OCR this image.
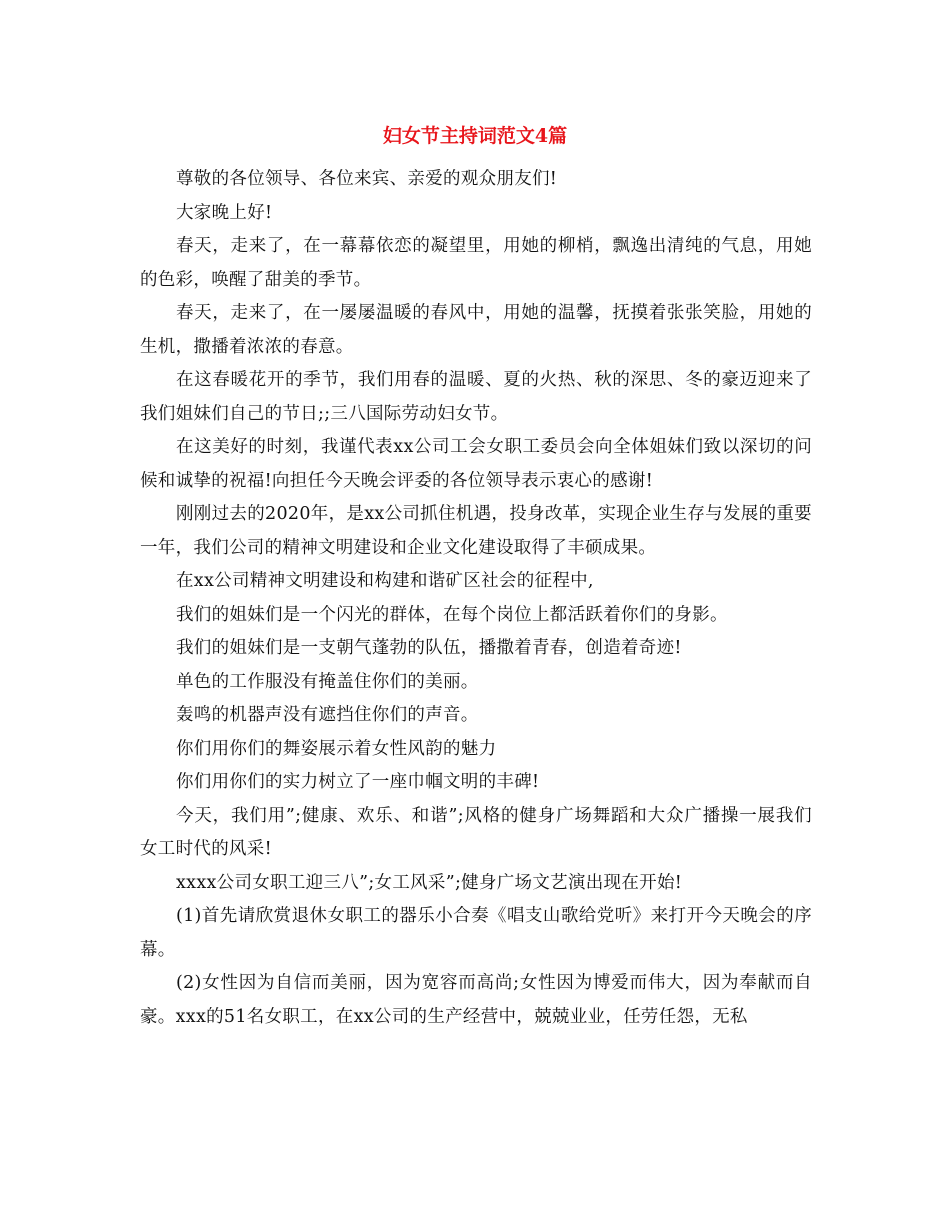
妇女节主持词范文4篇

尊敬的各位领导、各位来宾、亲爱的观众朋友们!

大家晚上好!

春天，走来了，在一幕幕依恋的凝望里，用她的柳梢，飘逸出清纯的气息，用她的色彩，唤醒了甜美的季节。

春天，走来了，在一屡屡温暖的春风中，用她的温馨，抚摸着张张笑脸，用她的生机，撒播着浓浓的春意。

在这春暖花开的季节，我们用春的温暖、夏的火热、秋的深思、冬的豪迈迎来了我们姐妹们自己的节日;;三八国际劳动妇女节。

在这美好的时刻，我谨代表xx公司工会女职工委员会向全体姐妹们致以深切的问候和诚挚的祝福!向担任今天晚会评委的各位领导表示衷心的感谢!

刚刚过去的2020年，是xx公司抓住机遇，投身改革，实现企业生存与发展的重要一年，我们公司的精神文明建设和企业文化建设取得了丰硕成果。

在xx公司精神文明建设和构建和谐矿区社会的征程中,

我们的姐妹们是一个闪光的群体，在每个岗位上都活跃着你们的身影。

我们的姐妹们是一支朝气蓬勃的队伍，播撒着青春，创造着奇迹!

单色的工作服没有掩盖住你们的美丽。

轰鸣的机器声没有遮挡住你们的声音。

你们用你们的舞姿展示着女性风韵的魅力

你们用你们的实力树立了一座巾帼文明的丰碑!

今天，我们用”;健康、欢乐、和谐”;风格的健身广场舞蹈和大众广播操一展我们女工时代的风采!

xxxx公司女职工迎三八”;女工风采”;健身广场文艺演出现在开始!

(1)首先请欣赏退休女职工的器乐小合奏《唱支山歌给党听》来打开今天晚会的序幕。

(2)女性因为自信而美丽，因为宽容而高尚;女性因为博爱而伟大，因为奉献而自豪。xxx的51名女职工，在xx公司的生产经营中，兢兢业业，任劳任怨，无私
